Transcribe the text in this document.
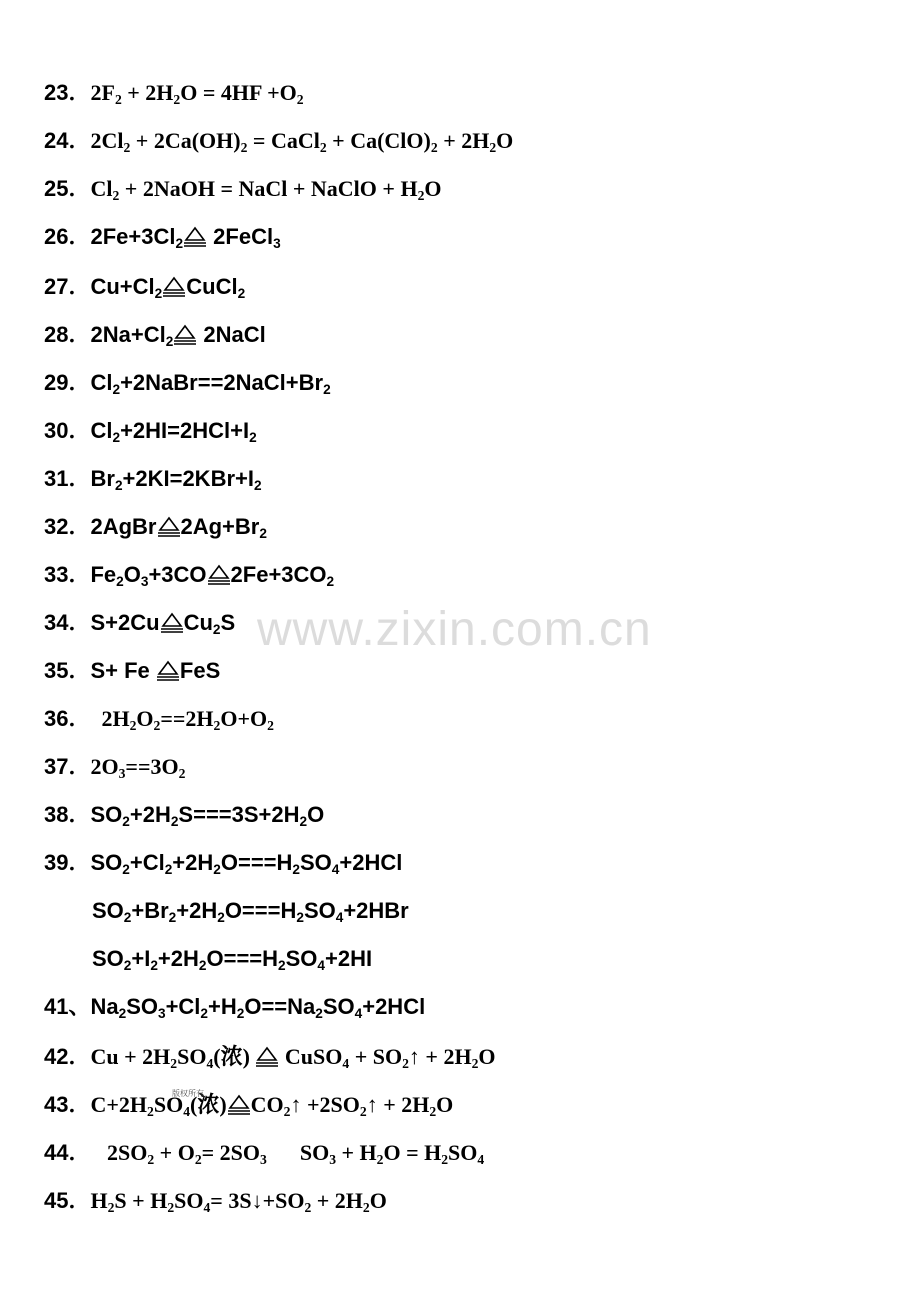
23．$2F_2 + 2H_2O = 4HF +O_2$
24．$2Cl_2 + 2Ca(OH)_2$ = CaCl$_2$ + $Ca(ClO)_2 + 2H_2O$
25．$Cl_2$ + 2NaOH = NaCl + NaClO + $H_2O$
26．$2Fe+3Cl_2$
2FeCl$_3$
27．$Cu+Cl_2$ CuCl$_2$
28．$2Na+Cl_2$
2NaCl
29．$Cl_2+2NaBr==2NaCl+Br_2$
30．$Cl_2+2HI=2HCl+I_2$
31．$Br_2+2KI=2KBr+I_2$
32．2AgBr $2Ag+Br_2$
33．$Fe_2O_3+3CO$ $2Fe+3CO_2$
34．S+2Cu $Cu_2S$
35．S+ Fe
FeS
36．  $2H_2O_2==2H_2O+O_2$
37．$2O_3==3O_2$
38．$SO_2+2H_2S===3S+2H_2O$
39．$SO_2+Cl_2+2H_2O===H_2SO_4+2HCl$
$SO_2+Br_2+2H_2O===H_2SO_4+2HBr$
$SO_2+I_2+2H_2O===H_2SO_4+2HI$
41、$Na_2SO_3+Cl_2+H_2O==Na_2SO_4+2HCl$
42．$Cu + 2H_2SO_4$(浓)
CuSO$_4$ + $SO_2↑ + 2H_2O$
43．$C+2H_2SO_4$(浓) $CO_2↑$ $+2SO_2↑ + 2H_2O$
44．   $2SO_2 + O_2= 2SO_3$      $SO_3 + H_2O = H_2SO_4$
45．$H_2S + H_2SO_4=$ $3S↓+SO_2 + 2H_2O$
www.zixin.com.cn
版权所有
